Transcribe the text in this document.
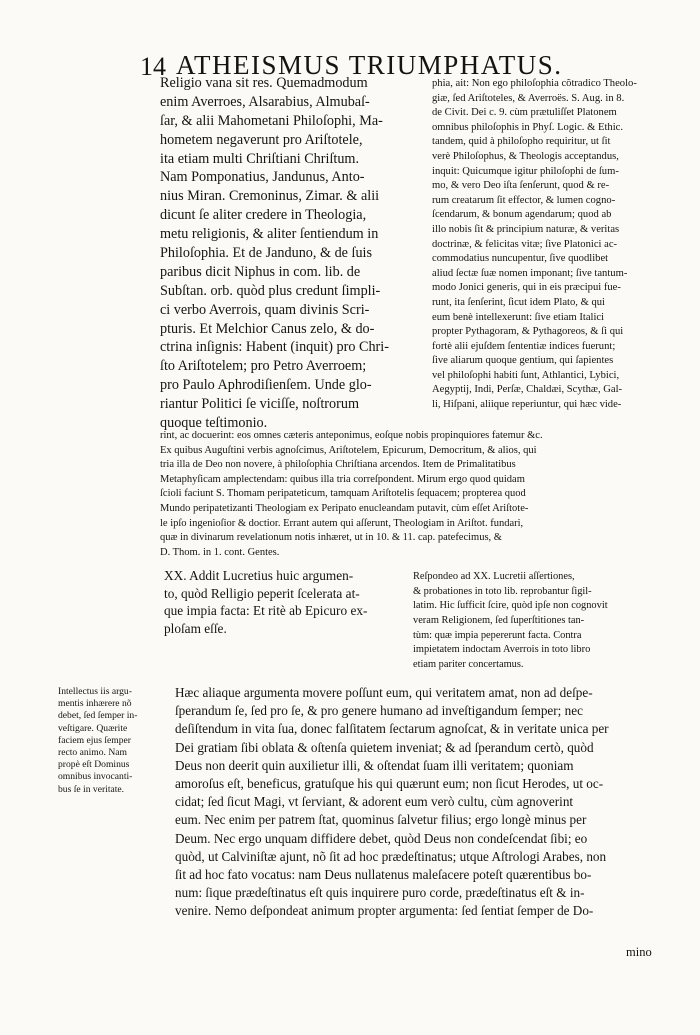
14 ATHEISMUS TRIUMPHATUS.
Religio vana sit res. Quemadmodum
enim Averroes, Alsarabius, Almubaſ-
ſar, & alii Mahometani Philoſophi, Ma-
hometem negaverunt pro Ariſtotele,
ita etiam multi Chriſtiani Chriſtum.
Nam Pomponatius, Jandunus, Anto-
nius Miran. Cremoninus, Zimar. & alii
dicunt ſe aliter credere in Theologia,
metu religionis, & aliter ſentiendum in
Philoſophia. Et de Janduno, & de ſuis
paribus dicit Niphus in com. lib. de
Subſtan. orb. quòd plus credunt ſimpli-
ci verbo Averrois, quam divinis Scri-
pturis. Et Melchior Canus zelo, & do-
ctrina inſignis: Habent (inquit) pro Chri-
ſto Ariſtotelem; pro Petro Averroem;
pro Paulo Aphrodiſienſem. Unde glo-
riantur Politici ſe viciſſe, noſtrorum
quoque teſtimonio.
phia, ait: Non ego philoſophia cõtradico Theolo-
giæ, ſed Ariſtoteles, & Averroës. S. Aug. in 8.
de Civit. Dei c. 9. cùm prætuliſſet Platonem
omnibus philoſophis in Phyſ. Logic. & Ethic.
tandem, quid à philoſopho requiritur, ut ſit
verè Philoſophus, & Theologis acceptandus,
inquit: Quicumque igitur philoſophi de ſum-
mo, & vero Deo iſta ſenſerunt, quod & re-
rum creatarum ſit effector, & lumen cogno-
ſcendarum, & bonum agendarum; quod ab
illo nobis ſit & principium naturæ, & veritas
doctrinæ, & felicitas vitæ; ſive Platonici ac-
commodatius nuncupentur, ſive quodlibet
aliud ſectæ ſuæ nomen imponant; ſive tantum-
modo Jonici generis, qui in eis præcipui fue-
runt, ita ſenſerint, ſicut idem Plato, & qui
eum benè intellexerunt: ſive etiam Italici
propter Pythagoram, & Pythagoreos, & ſi qui
fortè alii ejuſdem ſententiæ indices fuerunt;
ſive aliarum quoque gentium, qui ſapientes
vel philoſophi habiti ſunt, Athlantici, Lybici,
Aegyptij, Indi, Perſæ, Chaldæi, Scythæ, Gal-
li, Hiſpani, aliique reperiuntur, qui hæc vide-
rint, ac docuerint: eos omnes cæteris anteponimus, eoſque nobis propinquiores fatemur &c.
Ex quibus Auguſtini verbis agnoſcimus, Ariſtotelem, Epicurum, Democritum, & alios, qui
tria illa de Deo non novere, à philoſophia Chriſtiana arcendos. Item de Primalitatibus
Metaphyſicam amplectendam: quibus illa tria correſpondent. Mirum ergo quod quidam
ſcioli faciunt S. Thomam peripateticum, tamquam Ariſtotelis ſequacem; propterea quod
Mundo peripatetizanti Theologiam ex Peripato enucleandam putavit, cùm eſſet Ariſtote-
le ipſo ingenioſior & doctior. Errant autem qui aſſerunt, Theologiam in Ariſtot. fundari,
quæ in divinarum revelationum notis inhæret, ut in 10. & 11. cap. patefecimus, &
D. Thom. in 1. cont. Gentes.
XX. Addit Lucretius huic argumen-
to, quòd Relligio peperit ſcelerata at-
que impia facta: Et ritè ab Epicuro ex-
ploſam eſſe.
Reſpondeo ad XX. Lucretii aſſertiones,
& probationes in toto lib. reprobantur ſigil-
latim. Hic ſufficit ſcire, quòd ipſe non cognovit
veram Religionem, ſed ſuperſtitiones tan-
tùm: quæ impia pepererunt facta. Contra
impietatem indoctam Averrois in toto libro
etiam pariter concertamus.
Intellectus iis argu-
mentis inhærere nõ
debet, ſed ſemper in-
veſtigare. Quærite
faciem ejus ſemper
recto animo. Nam
propè eſt Dominus
omnibus invocanti-
bus ſe in veritate.
Hæc aliaque argumenta movere poſſunt eum, qui veritatem amat, non ad deſpe-
ſperandum ſe, ſed pro ſe, & pro genere humano ad inveſtigandum ſemper; nec
deſiſtendum in vita ſua, donec falſitatem ſectarum agnoſcat, & in veritate unica per
Dei gratiam ſibi oblata & oſtenſa quietem inveniat; & ad ſperandum certò, quòd
Deus non deerit quin auxilietur illi, & oſtendat ſuam illi veritatem; quoniam
amoroſus eſt, beneficus, gratuſque his qui quærunt eum; non ſicut Herodes, ut oc-
cidat; ſed ſicut Magi, vt ſerviant, & adorent eum verò cultu, cùm agnoverint
eum. Nec enim per patrem ſtat, quominus ſalvetur filius; ergo longè minus per
Deum. Nec ergo unquam diffidere debet, quòd Deus non condeſcendat ſibi; eo
quòd, ut Calviniſtæ ajunt, nõ ſit ad hoc prædeſtinatus; utque Aſtrologi Arabes, non
ſit ad hoc fato vocatus: nam Deus nullatenus maleſacere poteſt quærentibus bo-
num: ſique prædeſtinatus eſt quis inquirere puro corde, prædeſtinatus eſt & in-
venire. Nemo deſpondeat animum propter argumenta: ſed ſentiat ſemper de Do-
mino
